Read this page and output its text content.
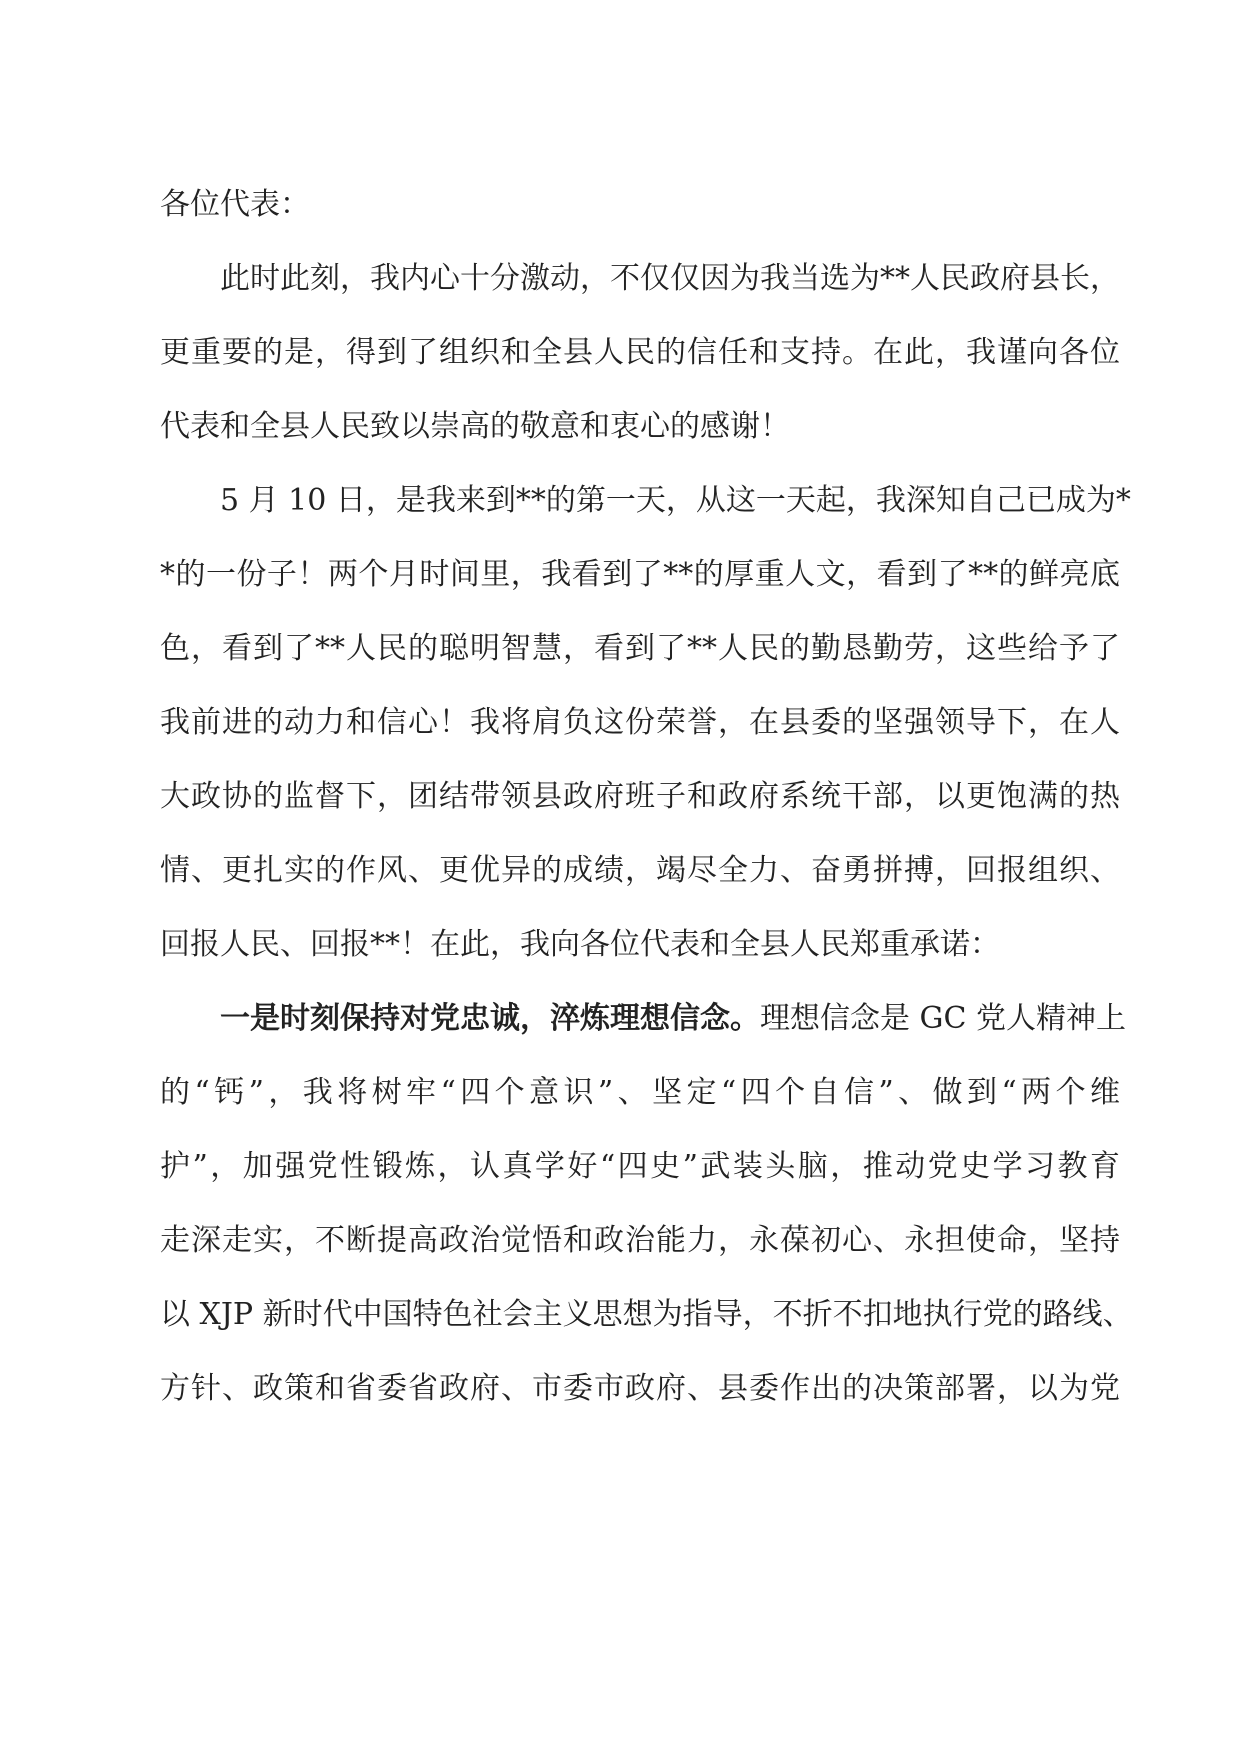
各位代表：
此时此刻，我内心十分激动，不仅仅因为我当选为**人民政府县长，
更重要的是，得到了组织和全县人民的信任和支持。在此，我谨向各位
代表和全县人民致以崇高的敬意和衷心的感谢！
5 月 10 日，是我来到**的第一天，从这一天起，我深知自己已成为*
*的一份子！两个月时间里，我看到了**的厚重人文，看到了**的鲜亮底
色，看到了**人民的聪明智慧，看到了**人民的勤恳勤劳，这些给予了
我前进的动力和信心！我将肩负这份荣誉，在县委的坚强领导下，在人
大政协的监督下，团结带领县政府班子和政府系统干部，以更饱满的热
情、更扎实的作风、更优异的成绩，竭尽全力、奋勇拼搏，回报组织、
回报人民、回报**！在此，我向各位代表和全县人民郑重承诺：
一是时刻保持对党忠诚，淬炼理想信念。理想信念是 GC 党人精神上
的“钙”，我将树牢“四个意识”、坚定“四个自信”、做到“两个维
护”，加强党性锻炼，认真学好“四史”武装头脑，推动党史学习教育
走深走实，不断提高政治觉悟和政治能力，永葆初心、永担使命，坚持
以 XJP 新时代中国特色社会主义思想为指导，不折不扣地执行党的路线、
方针、政策和省委省政府、市委市政府、县委作出的决策部署，以为党
